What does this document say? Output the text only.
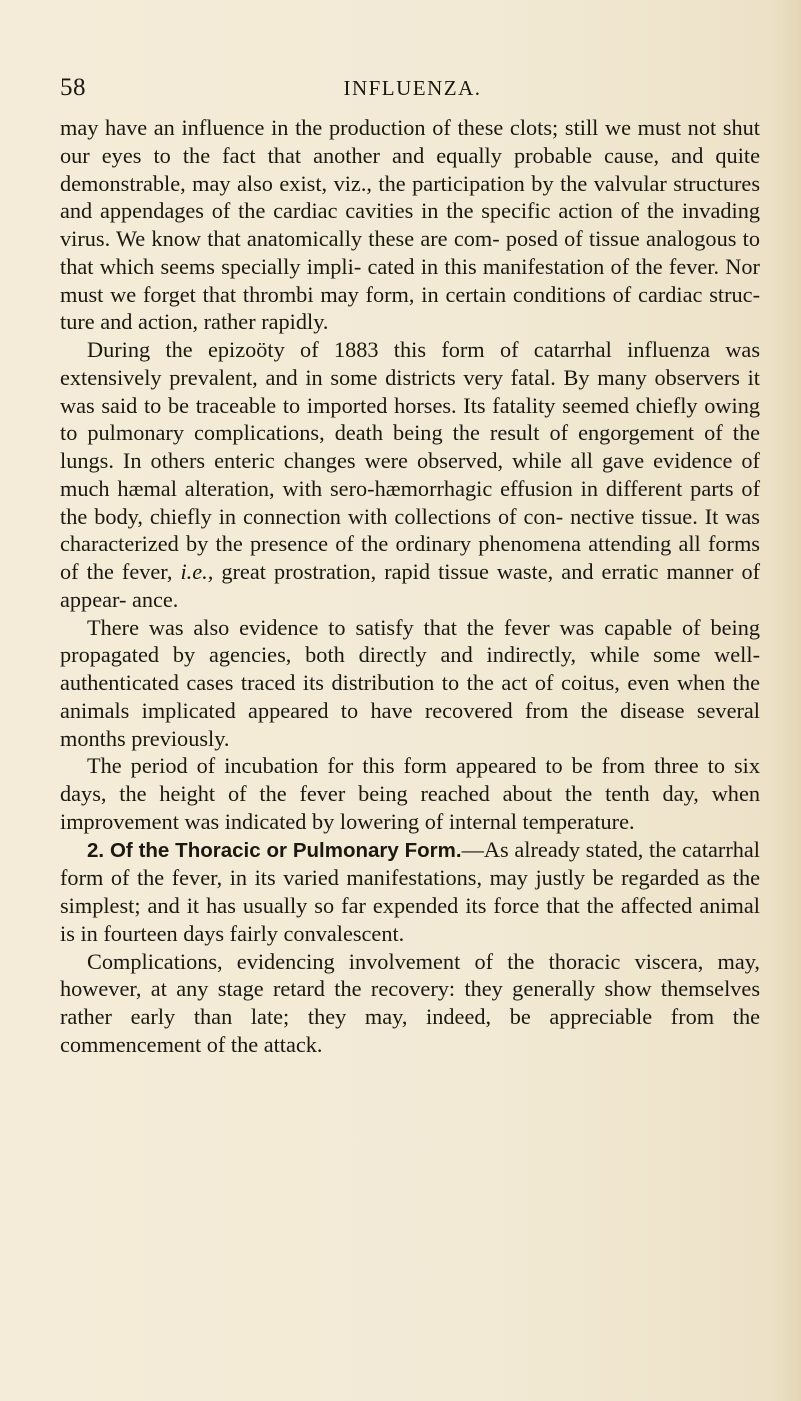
58	INFLUENZA.

may have an influence in the production of these clots; still we must not shut our eyes to the fact that another and equally probable cause, and quite demonstrable, may also exist, viz., the participation by the valvular structures and appendages of the cardiac cavities in the specific action of the invading virus. We know that anatomically these are com- posed of tissue analogous to that which seems specially impli- cated in this manifestation of the fever. Nor must we forget that thrombi may form, in certain conditions of cardiac struc- ture and action, rather rapidly.

During the epizoöty of 1883 this form of catarrhal influenza was extensively prevalent, and in some districts very fatal. By many observers it was said to be traceable to imported horses. Its fatality seemed chiefly owing to pulmonary complications, death being the result of engorgement of the lungs. In others enteric changes were observed, while all gave evidence of much hæmal alteration, with sero-hæmorrhagic effusion in different parts of the body, chiefly in connection with collections of con- nective tissue. It was characterized by the presence of the ordinary phenomena attending all forms of the fever, i.e., great prostration, rapid tissue waste, and erratic manner of appear- ance.

There was also evidence to satisfy that the fever was capable of being propagated by agencies, both directly and indirectly, while some well-authenticated cases traced its distribution to the act of coitus, even when the animals implicated appeared to have recovered from the disease several months previously.

The period of incubation for this form appeared to be from three to six days, the height of the fever being reached about the tenth day, when improvement was indicated by lowering of internal temperature.

2. Of the Thoracic or Pulmonary Form.—As already stated, the catarrhal form of the fever, in its varied manifestations, may justly be regarded as the simplest; and it has usually so far expended its force that the affected animal is in fourteen days fairly convalescent.

Complications, evidencing involvement of the thoracic viscera, may, however, at any stage retard the recovery: they generally show themselves rather early than late; they may, indeed, be appreciable from the commencement of the attack.
